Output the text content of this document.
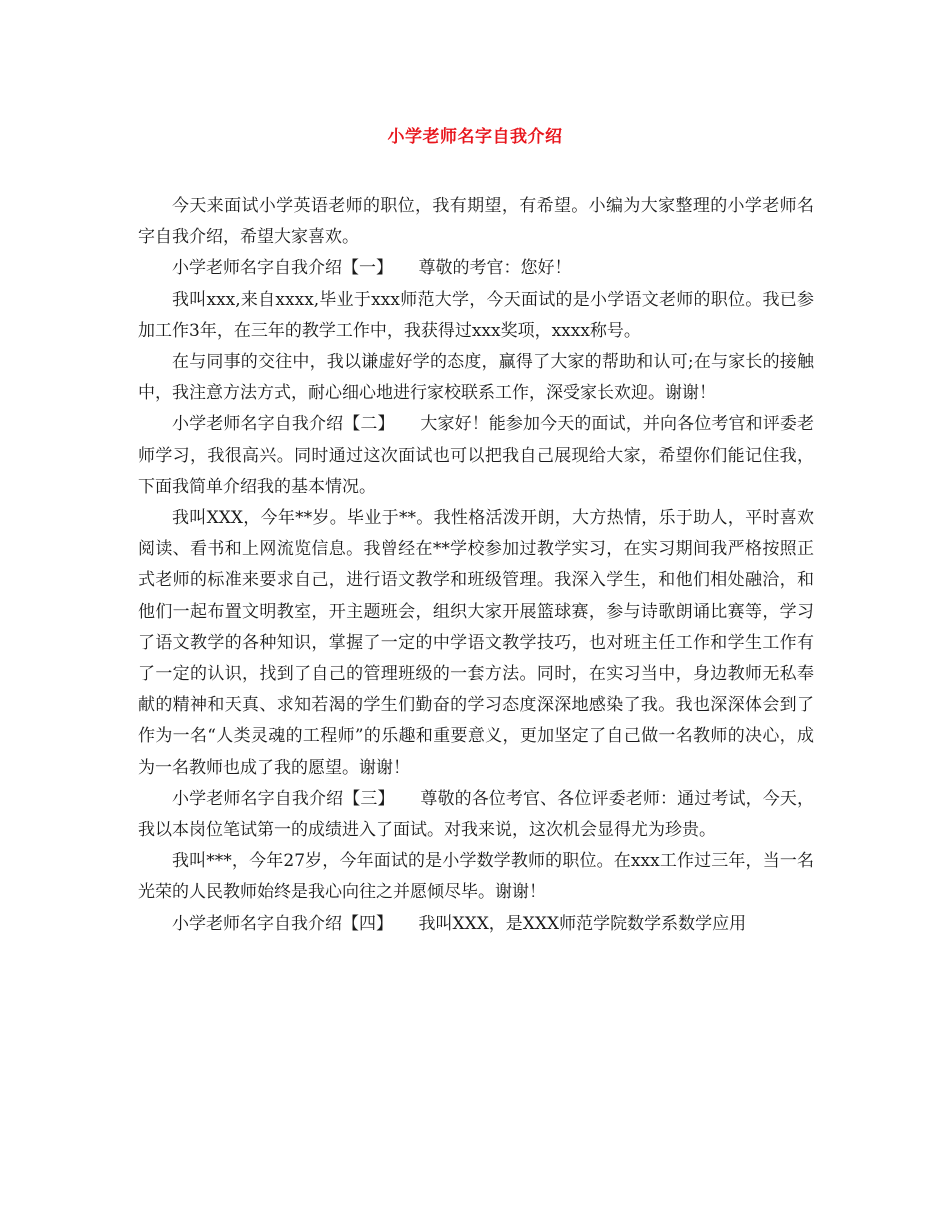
小学老师名字自我介绍

今天来面试小学英语老师的职位，我有期望，有希望。小编为大家整理的小学老师名字自我介绍，希望大家喜欢。

小学老师名字自我介绍【一】　　尊敬的考官：您好！

我叫xxx,来自xxxx,毕业于xxx师范大学，今天面试的是小学语文老师的职位。我已参加工作3年，在三年的教学工作中，我获得过xxx奖项，xxxx称号。

在与同事的交往中，我以谦虚好学的态度，赢得了大家的帮助和认可;在与家长的接触中，我注意方法方式，耐心细心地进行家校联系工作，深受家长欢迎。谢谢！

小学老师名字自我介绍【二】　　大家好！能参加今天的面试，并向各位考官和评委老师学习，我很高兴。同时通过这次面试也可以把我自己展现给大家，希望你们能记住我，下面我简单介绍我的基本情况。

我叫XXX，今年**岁。毕业于**。我性格活泼开朗，大方热情，乐于助人，平时喜欢阅读、看书和上网流览信息。我曾经在**学校参加过教学实习，在实习期间我严格按照正式老师的标准来要求自己，进行语文教学和班级管理。我深入学生，和他们相处融洽，和他们一起布置文明教室，开主题班会，组织大家开展篮球赛，参与诗歌朗诵比赛等，学习了语文教学的各种知识，掌握了一定的中学语文教学技巧，也对班主任工作和学生工作有了一定的认识，找到了自己的管理班级的一套方法。同时，在实习当中，身边教师无私奉献的精神和天真、求知若渴的学生们勤奋的学习态度深深地感染了我。我也深深体会到了作为一名“人类灵魂的工程师”的乐趣和重要意义，更加坚定了自己做一名教师的决心，成为一名教师也成了我的愿望。谢谢！

小学老师名字自我介绍【三】　　尊敬的各位考官、各位评委老师：通过考试，今天，我以本岗位笔试第一的成绩进入了面试。对我来说，这次机会显得尤为珍贵。

我叫***，今年27岁，今年面试的是小学数学教师的职位。在xxx工作过三年，当一名光荣的人民教师始终是我心向往之并愿倾尽毕。谢谢！

小学老师名字自我介绍【四】　　我叫XXX，是XXX师范学院数学系数学应用
